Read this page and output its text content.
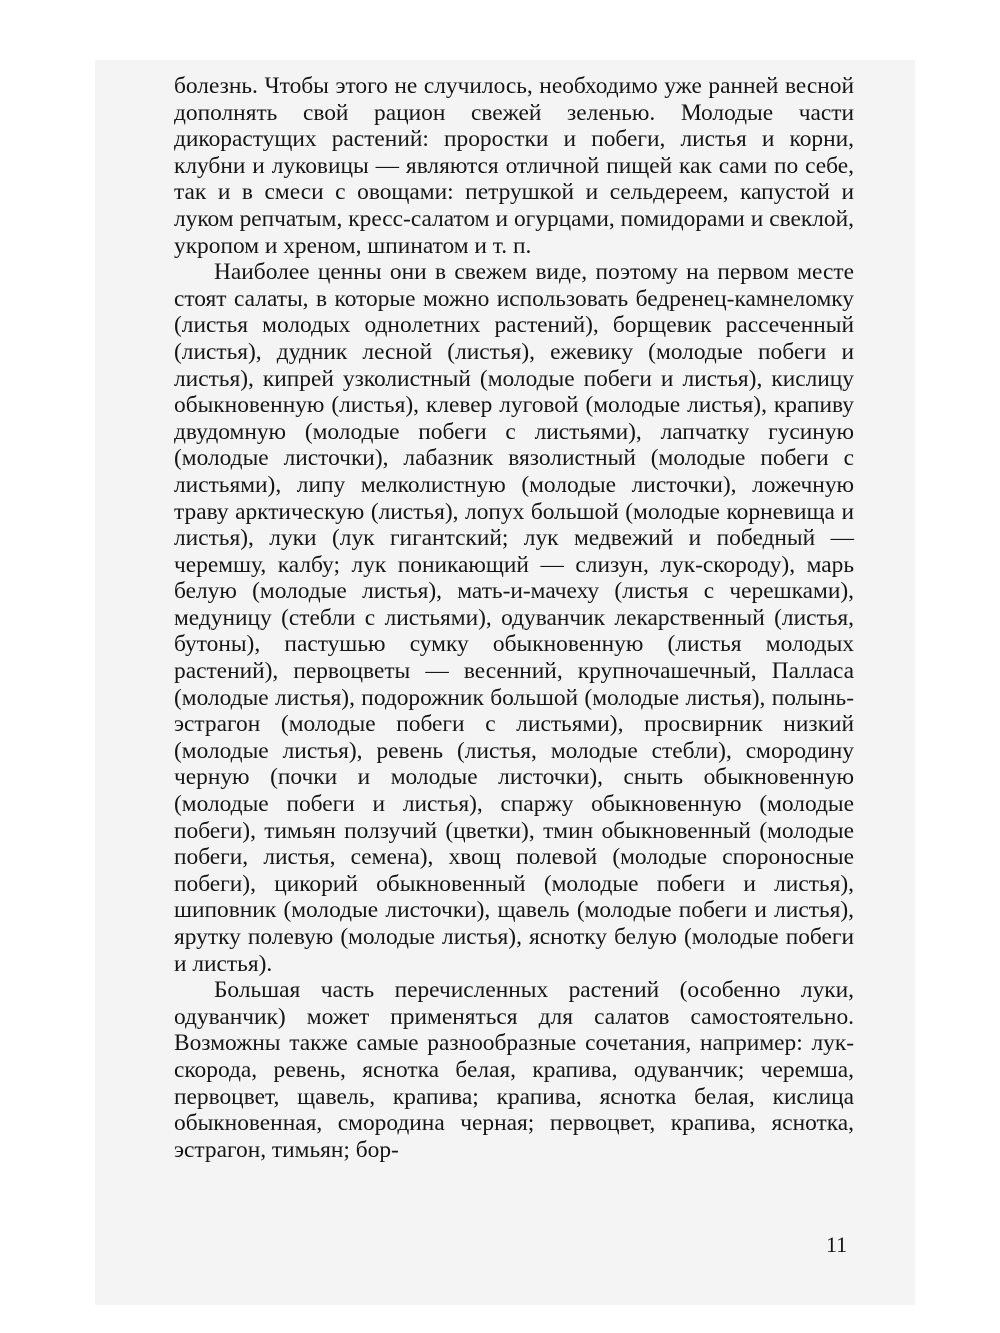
болезнь. Чтобы этого не случилось, необходимо уже ранней весной дополнять свой рацион свежей зеленью. Молодые части дикорастущих растений: проростки и побеги, листья и корни, клубни и луковицы — являются отличной пищей как сами по себе, так и в смеси с овощами: петрушкой и сельдереем, капустой и луком репчатым, кресс-салатом и огурцами, помидорами и свеклой, укропом и хреном, шпинатом и т. п.

Наиболее ценны они в свежем виде, поэтому на первом месте стоят салаты, в которые можно использовать бедренец-камнеломку (листья молодых однолетних растений), борщевик рассеченный (листья), дудник лесной (листья), ежевику (молодые побеги и листья), кипрей узколистный (молодые побеги и листья), кислицу обыкновенную (листья), клевер луговой (молодые листья), крапиву двудомную (молодые побеги с листьями), лапчатку гусиную (молодые листочки), лабазник вязолистный (молодые побеги с листьями), липу мелколистную (молодые листочки), ложечную траву арктическую (листья), лопух большой (молодые корневища и листья), луки (лук гигантский; лук медвежий и победный — черемшу, калбу; лук поникающий — слизун, лук-скороду), марь белую (молодые листья), мать-и-мачеху (листья с черешками), медуницу (стебли с листьями), одуванчик лекарственный (листья, бутоны), пастушью сумку обыкновенную (листья молодых растений), первоцветы — весенний, крупночашечный, Палласа (молодые листья), подорожник большой (молодые листья), полынь-эстрагон (молодые побеги с листьями), просвирник низкий (молодые листья), ревень (листья, молодые стебли), смородину черную (почки и молодые листочки), сныть обыкновенную (молодые побеги и листья), спаржу обыкновенную (молодые побеги), тимьян ползучий (цветки), тмин обыкновенный (молодые побеги, листья, семена), хвощ полевой (молодые спороносные побеги), цикорий обыкновенный (молодые побеги и листья), шиповник (молодые листочки), щавель (молодые побеги и листья), ярутку полевую (молодые листья), яснотку белую (молодые побеги и листья).

Большая часть перечисленных растений (особенно луки, одуванчик) может применяться для салатов самостоятельно. Возможны также самые разнообразные сочетания, например: лук-скорода, ревень, яснотка белая, крапива, одуванчик; черемша, первоцвет, щавель, крапива; крапива, яснотка белая, кислица обыкновенная, смородина черная; первоцвет, крапива, яснотка, эстрагон, тимьян; бор-

11
